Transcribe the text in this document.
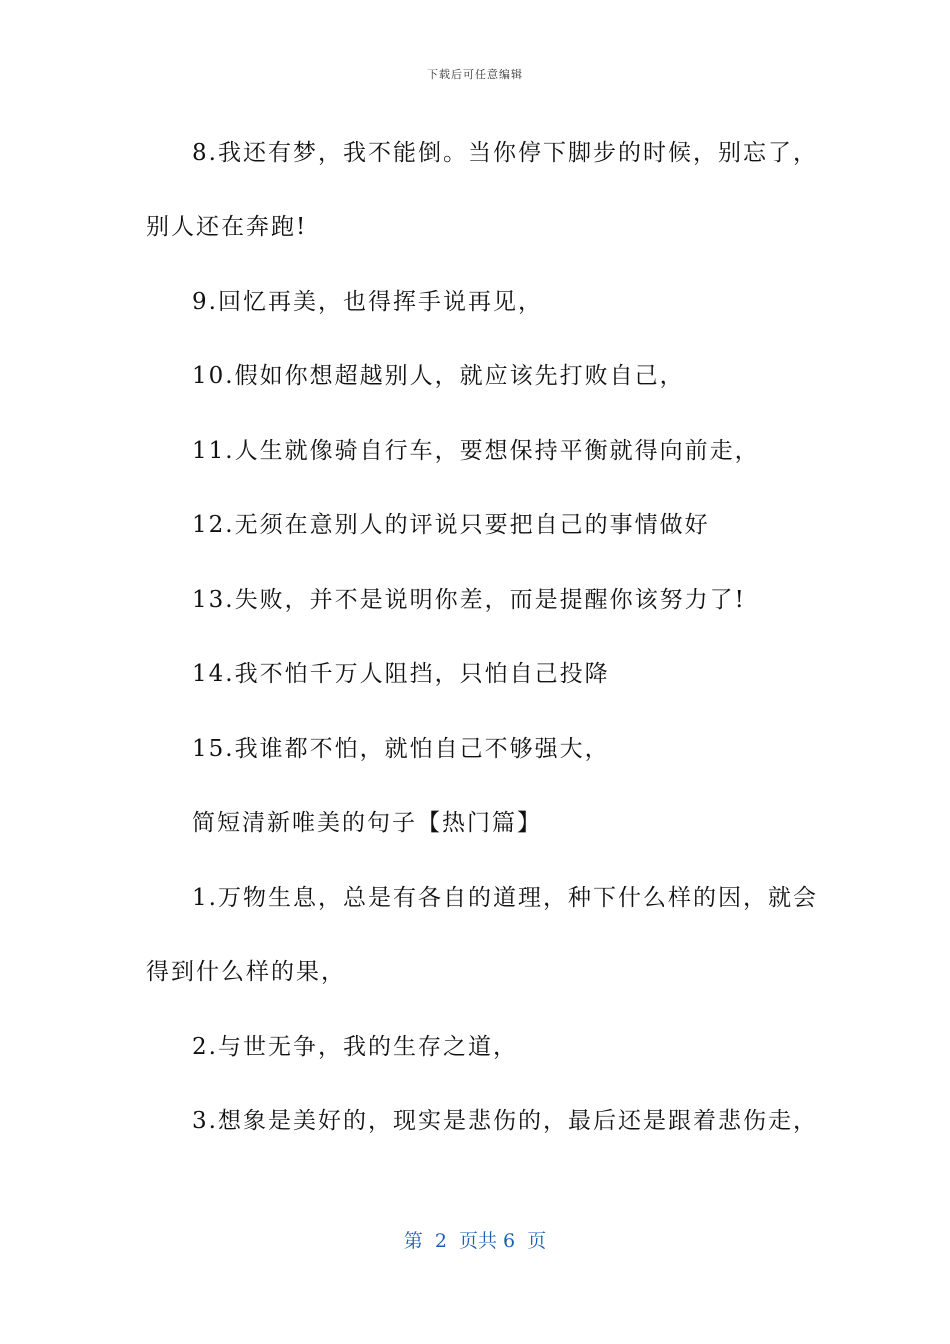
下载后可任意编辑
8.我还有梦，我不能倒。当你停下脚步的时候，别忘了，
别人还在奔跑!
9.回忆再美，也得挥手说再见，
10.假如你想超越别人，就应该先打败自己，
11.人生就像骑自行车，要想保持平衡就得向前走，
12.无须在意别人的评说只要把自己的事情做好
13.失败，并不是说明你差，而是提醒你该努力了!
14.我不怕千万人阻挡，只怕自己投降
15.我谁都不怕，就怕自己不够强大，
简短清新唯美的句子【热门篇】
1.万物生息，总是有各自的道理，种下什么样的因，就会
得到什么样的果，
2.与世无争，我的生存之道，
3.想象是美好的，现实是悲伤的，最后还是跟着悲伤走，
第  2  页共 6  页
